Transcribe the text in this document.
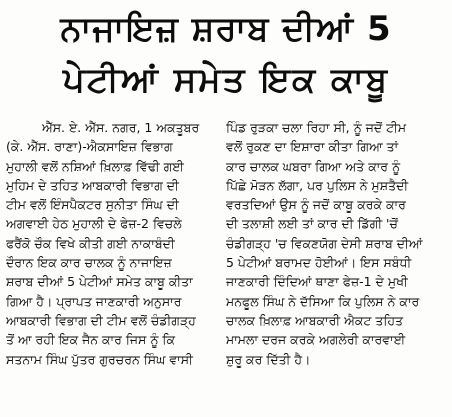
ਨਾਜਾਇਜ਼ ਸ਼ਰਾਬ ਦੀਆਂ 5
ਪੇਟੀਆਂ ਸਮੇਤ ਇਕ ਕਾਬੂ
ਐੱਸ. ਏ. ਐੱਸ. ਨਗਰ, 1 ਅਕਤੂਬਰ
(ਕੇ. ਐੱਸ. ਰਾਣਾ)-ਐਕਸਾਇਜ਼ ਵਿਭਾਗ
ਮੁਹਾਲੀ ਵਲੋਂ ਨਸ਼ਿਆਂ ਖ਼ਿਲਾਫ਼ ਵਿੱਢੀ ਗਈ
ਮੁਹਿਮ ਦੇ ਤਹਿਤ ਆਬਕਾਰੀ ਵਿਭਾਗ ਦੀ
ਟੀਮ ਵਲੋਂ ਇੰਸਪੈਕਟਰ ਸੁਨੀਤਾ ਸਿੰਘ ਦੀ
ਅਗਵਾਈ ਹੇਠ ਮੁਹਾਲੀ ਦੇ ਫੇਜ਼-2 ਵਿਚਲੇ
ਫਰੈਂਕੋ ਚੌਕ ਵਿਖੇ ਕੀਤੀ ਗਈ ਨਾਕਾਬੰਦੀ
ਦੌਰਾਨ ਇਕ ਕਾਰ ਚਾਲਕ ਨੂੰ ਨਾਜਾਇਜ਼
ਸ਼ਰਾਬ ਦੀਆਂ 5 ਪੇਟੀਆਂ ਸਮੇਤ ਕਾਬੂ ਕੀਤਾ
ਗਿਆ ਹੈ। ਪ੍ਰਾਪਤ ਜਾਣਕਾਰੀ ਅਨੁਸਾਰ
ਆਬਕਾਰੀ ਵਿਭਾਗ ਦੀ ਟੀਮ ਵਲੋਂ ਚੰਡੀਗੜ੍ਹ
ਤੋਂ ਆ ਰਹੀ ਇਕ ਜੈਨ ਕਾਰ ਜਿਸ ਨੂੰ ਕਿ
ਸਤਨਾਮ ਸਿੰਘ ਪੁੱਤਰ ਗੁਰਚਰਨ ਸਿੰਘ ਵਾਸੀ
ਪਿੰਡ ਰੁੜਕਾ ਚਲਾ ਰਿਹਾ ਸੀ, ਨੂੰ ਜਦੋਂ ਟੀਮ
ਵਲੋਂ ਰੁਕਣ ਦਾ ਇਸ਼ਾਰਾ ਕੀਤਾ ਗਿਆ ਤਾਂ
ਕਾਰ ਚਾਲਕ ਘਬਰਾ ਗਿਆ ਅਤੇ ਕਾਰ ਨੂੰ
ਪਿੱਛੇ ਮੋੜਨ ਲੱਗਾ, ਪਰ ਪੁਲਿਸ ਨੇ ਮੁਸ਼ਤੈਦੀ
ਵਰਤਦਿਆਂ ਉਸ ਨੂੰ ਜਦੋਂ ਕਾਬੂ ਕਰਕੇ ਕਾਰ
ਦੀ ਤਲਾਸ਼ੀ ਲਈ ਤਾਂ ਕਾਰ ਦੀ ਡਿੱਗੀ 'ਚੋਂ
ਚੰਡੀਗੜ੍ਹ 'ਚ ਵਿਕਣਯੋਗ ਦੇਸੀ ਸ਼ਰਾਬ ਦੀਆਂ
5 ਪੇਟੀਆਂ ਬਰਾਮਦ ਹੋਈਆਂ। ਇਸ ਸਬੰਧੀ
ਜਾਣਕਾਰੀ ਦਿੰਦਿਆਂ ਥਾਣਾ ਫੇਜ਼-1 ਦੇ ਮੁਖੀ
ਮਨਫੂਲ ਸਿੰਘ ਨੇ ਦੱਸਿਆ ਕਿ ਪੁਲਿਸ ਨੇ ਕਾਰ
ਚਾਲਕ ਖ਼ਿਲਾਫ਼ ਆਬਕਾਰੀ ਐਕਟ ਤਹਿਤ
ਮਾਮਲਾ ਦਰਜ ਕਰਕੇ ਅਗਲੇਰੀ ਕਾਰਵਾਈ
ਸ਼ੁਰੂ ਕਰ ਦਿੱਤੀ ਹੈ।
